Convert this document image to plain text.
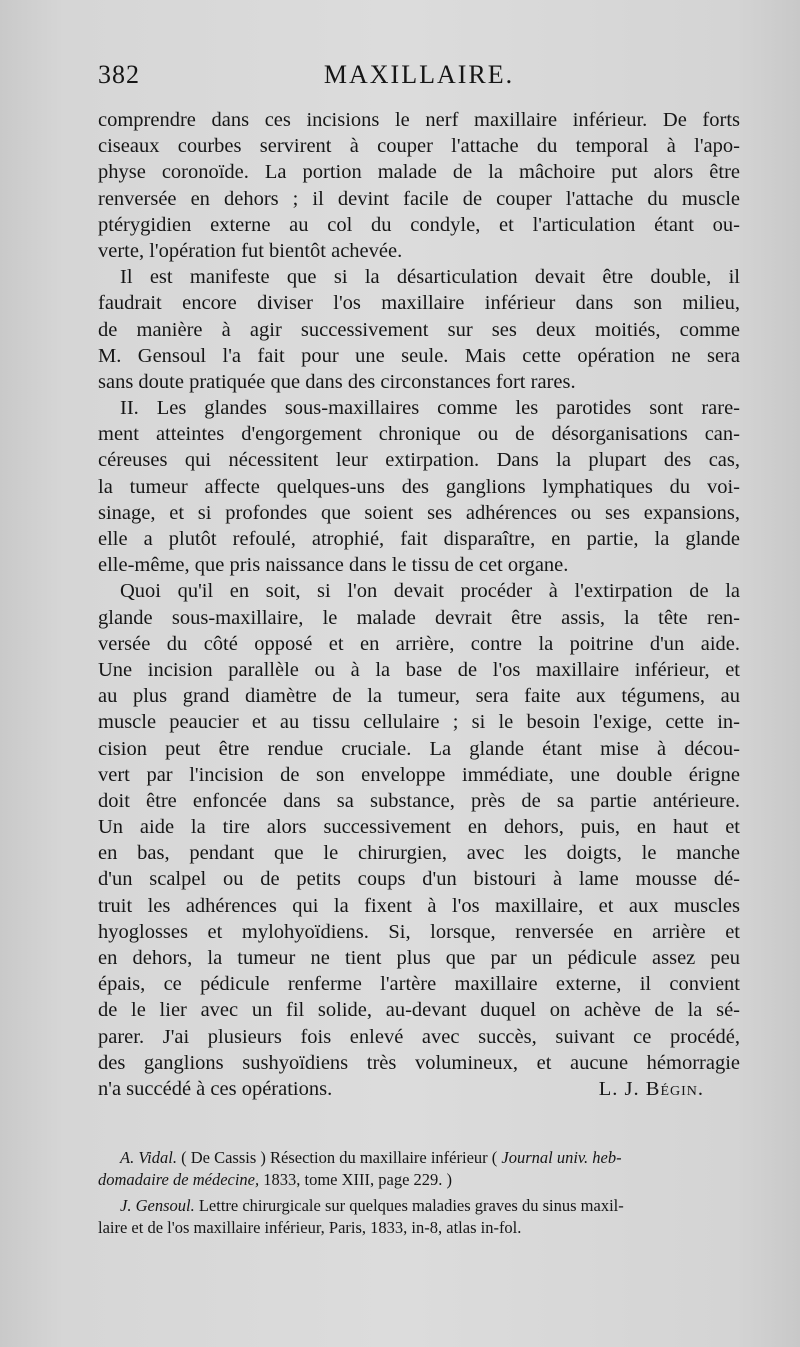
382	MAXILLAIRE.

comprendre dans ces incisions le nerf maxillaire inférieur. De forts
ciseaux courbes servirent à couper l'attache du temporal à l'apo-
physe coronoïde. La portion malade de la mâchoire put alors être
renversée en dehors ; il devint facile de couper l'attache du muscle
ptérygidien externe au col du condyle, et l'articulation étant ou-
verte, l'opération fut bientôt achevée.

Il est manifeste que si la désarticulation devait être double, il
faudrait encore diviser l'os maxillaire inférieur dans son milieu,
de manière à agir successivement sur ses deux moitiés, comme
M. Gensoul l'a fait pour une seule. Mais cette opération ne sera
sans doute pratiquée que dans des circonstances fort rares.

II. Les glandes sous-maxillaires comme les parotides sont rare-
ment atteintes d'engorgement chronique ou de désorganisations can-
céreuses qui nécessitent leur extirpation. Dans la plupart des cas,
la tumeur affecte quelques-uns des ganglions lymphatiques du voi-
sinage, et si profondes que soient ses adhérences ou ses expansions,
elle a plutôt refoulé, atrophié, fait disparaître, en partie, la glande
elle-même, que pris naissance dans le tissu de cet organe.

Quoi qu'il en soit, si l'on devait procéder à l'extirpation de la
glande sous-maxillaire, le malade devrait être assis, la tête ren-
versée du côté opposé et en arrière, contre la poitrine d'un aide.
Une incision parallèle ou à la base de l'os maxillaire inférieur, et
au plus grand diamètre de la tumeur, sera faite aux tégumens, au
muscle peaucier et au tissu cellulaire ; si le besoin l'exige, cette in-
cision peut être rendue cruciale. La glande étant mise à décou-
vert par l'incision de son enveloppe immédiate, une double érigne
doit être enfoncée dans sa substance, près de sa partie antérieure.
Un aide la tire alors successivement en dehors, puis, en haut et
en bas, pendant que le chirurgien, avec les doigts, le manche
d'un scalpel ou de petits coups d'un bistouri à lame mousse dé-
truit les adhérences qui la fixent à l'os maxillaire, et aux muscles
hyoglosses et mylohyoïdiens. Si, lorsque, renversée en arrière et
en dehors, la tumeur ne tient plus que par un pédicule assez peu
épais, ce pédicule renferme l'artère maxillaire externe, il convient
de le lier avec un fil solide, au-devant duquel on achève de la sé-
parer. J'ai plusieurs fois enlevé avec succès, suivant ce procédé,
des ganglions sushyoïdiens très volumineux, et aucune hémorragie
n'a succédé à ces opérations.	L. J. Bégin.

A. Vidal. ( De Cassis ) Résection du maxillaire inférieur ( Journal univ. heb-
domadaire de médecine, 1833, tome XIII, page 229. )
J. Gensoul. Lettre chirurgicale sur quelques maladies graves du sinus maxil-
laire et de l'os maxillaire inférieur, Paris, 1833, in-8, atlas in-fol.
